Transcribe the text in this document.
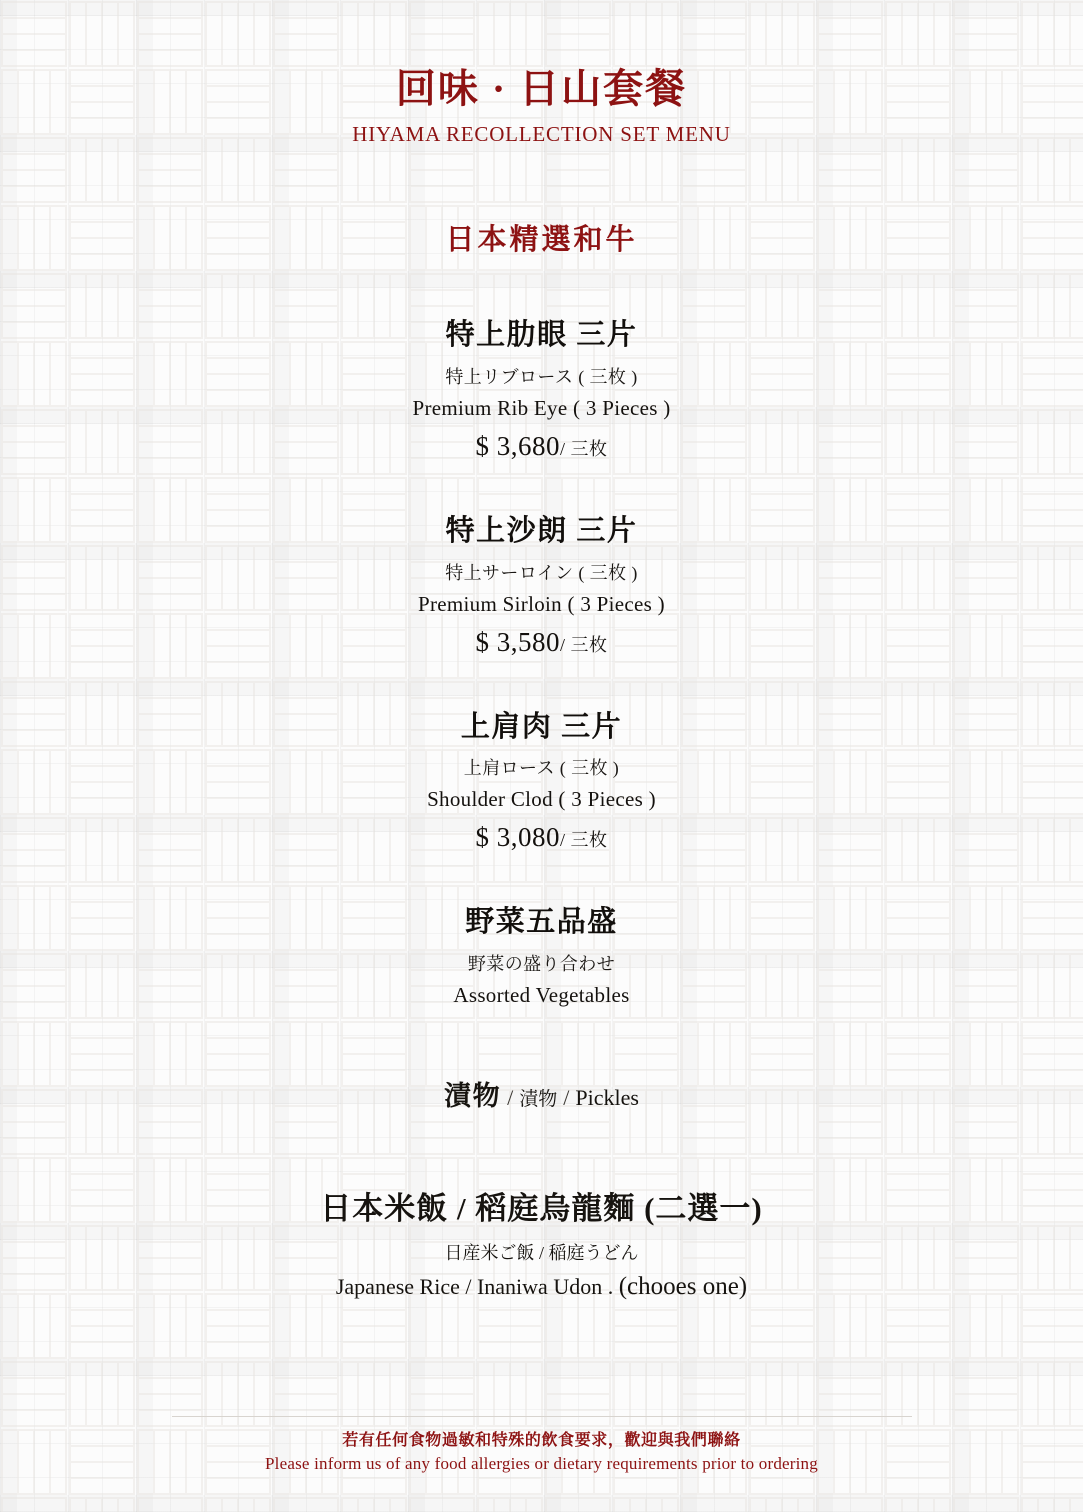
回味 · 日山套餐
HIYAMA RECOLLECTION SET MENU
日本精選和牛
特上肋眼 三片
特上リブロース ( 三枚 )
Premium Rib Eye ( 3 Pieces )
$ 3,680/ 三枚
特上沙朗 三片
特上サーロイン ( 三枚 )
Premium Sirloin ( 3 Pieces )
$ 3,580/ 三枚
上肩肉 三片
上肩ロース ( 三枚 )
Shoulder Clod ( 3 Pieces )
$ 3,080/ 三枚
野菜五品盛
野菜の盛り合わせ
Assorted Vegetables
漬物 / 漬物 / Pickles
日本米飯 / 稻庭烏龍麵 (二選一)
日産米ご飯 / 稲庭うどん
Japanese Rice / Inaniwa Udon . (chooes one)
若有任何食物過敏和特殊的飲食要求，歡迎與我們聯絡
Please inform us of any food allergies or dietary requirements prior to ordering
